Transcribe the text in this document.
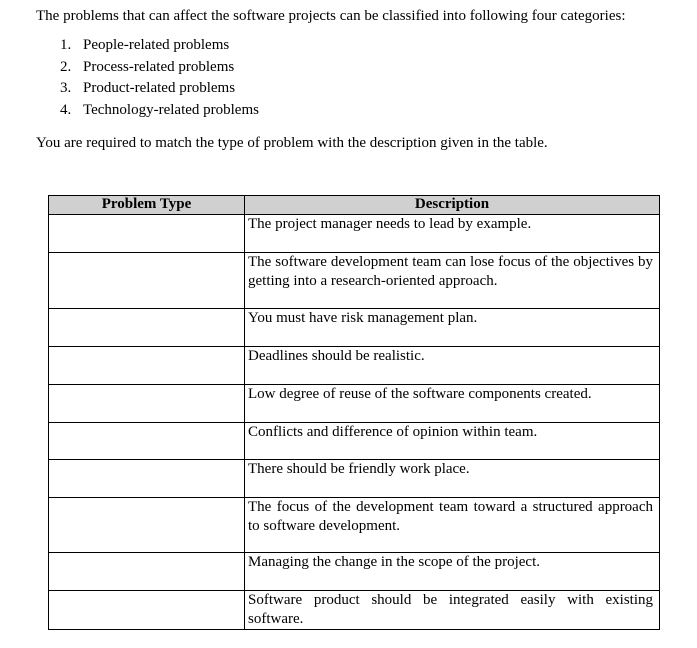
The problems that can affect the software projects can be classified into following four categories:
1. People-related problems
2. Process-related problems
3. Product-related problems
4. Technology-related problems
You are required to match the type of problem with the description given in the table.
Problem Type	Description
	The project manager needs to lead by example.
	The software development team can lose focus of the objectives by getting into a research-oriented approach.
	You must have risk management plan.
	Deadlines should be realistic.
	Low degree of reuse of the software components created.
	Conflicts and difference of opinion within team.
	There should be friendly work place.
	The focus of the development team toward a structured approach to software development.
	Managing the change in the scope of the project.
	Software product should be integrated easily with existing software.
